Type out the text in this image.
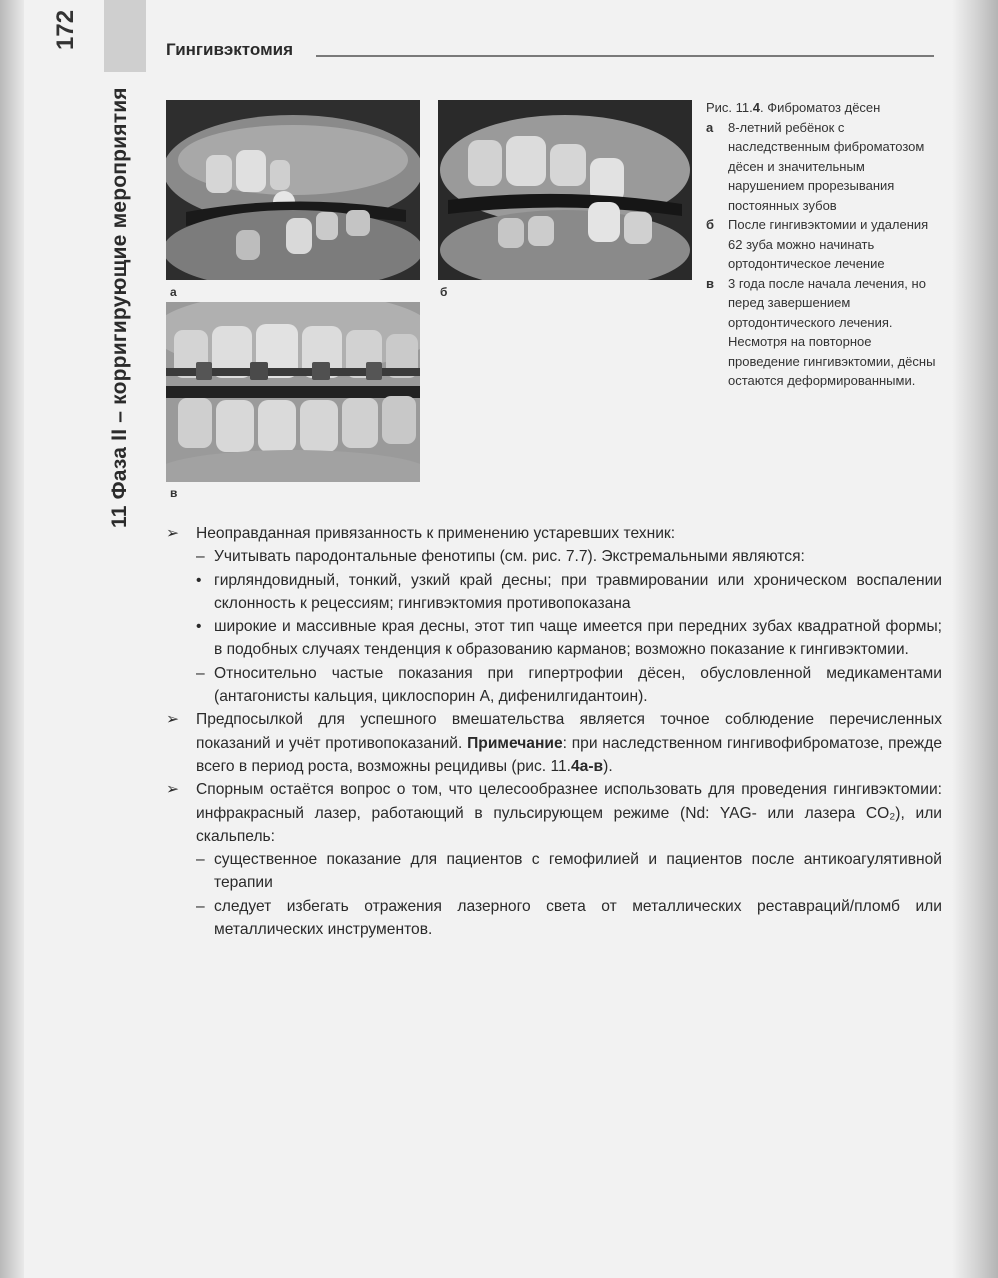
172
11 Фаза II – корригирующие мероприятия
Гингивэктомия
а	б
в
Рис. 11.4. Фиброматоз дёсен
а	8-летний ребёнок с наследственным фиброматозом дёсен и значительным нарушением прорезывания постоянных зубов
б	После гингивэктомии и удаления 62 зуба можно начинать ортодонтическое лечение
в	3 года после начала лечения, но перед завершением ортодонтического лечения. Несмотря на повторное проведение гингивэктомии, дёсны остаются деформированными.
➢	Неоправданная привязанность к применению устаревших техник:
– Учитывать пародонтальные фенотипы (см. рис. 7.7). Экстремальными являются:
• гирляндовидный, тонкий, узкий край десны; при травмировании или хроническом воспалении склонность к рецессиям; гингивэктомия противопоказана
• широкие и массивные края десны, этот тип чаще имеется при передних зубах квадратной формы; в подобных случаях тенденция к образованию карманов; возможно показание к гингивэктомии.
– Относительно частые показания при гипертрофии дёсен, обусловленной медикаментами (антагонисты кальция, циклоспорин А, дифенилгидантоин).
➢	Предпосылкой для успешного вмешательства является точное соблюдение перечисленных показаний и учёт противопоказаний. Примечание: при наследственном гингивофиброматозе, прежде всего в период роста, возможны рецидивы (рис. 11.4а-в).
➢	Спорным остаётся вопрос о том, что целесообразнее использовать для проведения гингивэктомии: инфракрасный лазер, работающий в пульсирующем режиме (Nd: YAG- или лазера CO₂), или скальпель:
– существенное показание для пациентов с гемофилией и пациентов после антикоагулятивной терапии
– следует избегать отражения лазерного света от металлических реставраций/пломб или металлических инструментов.
